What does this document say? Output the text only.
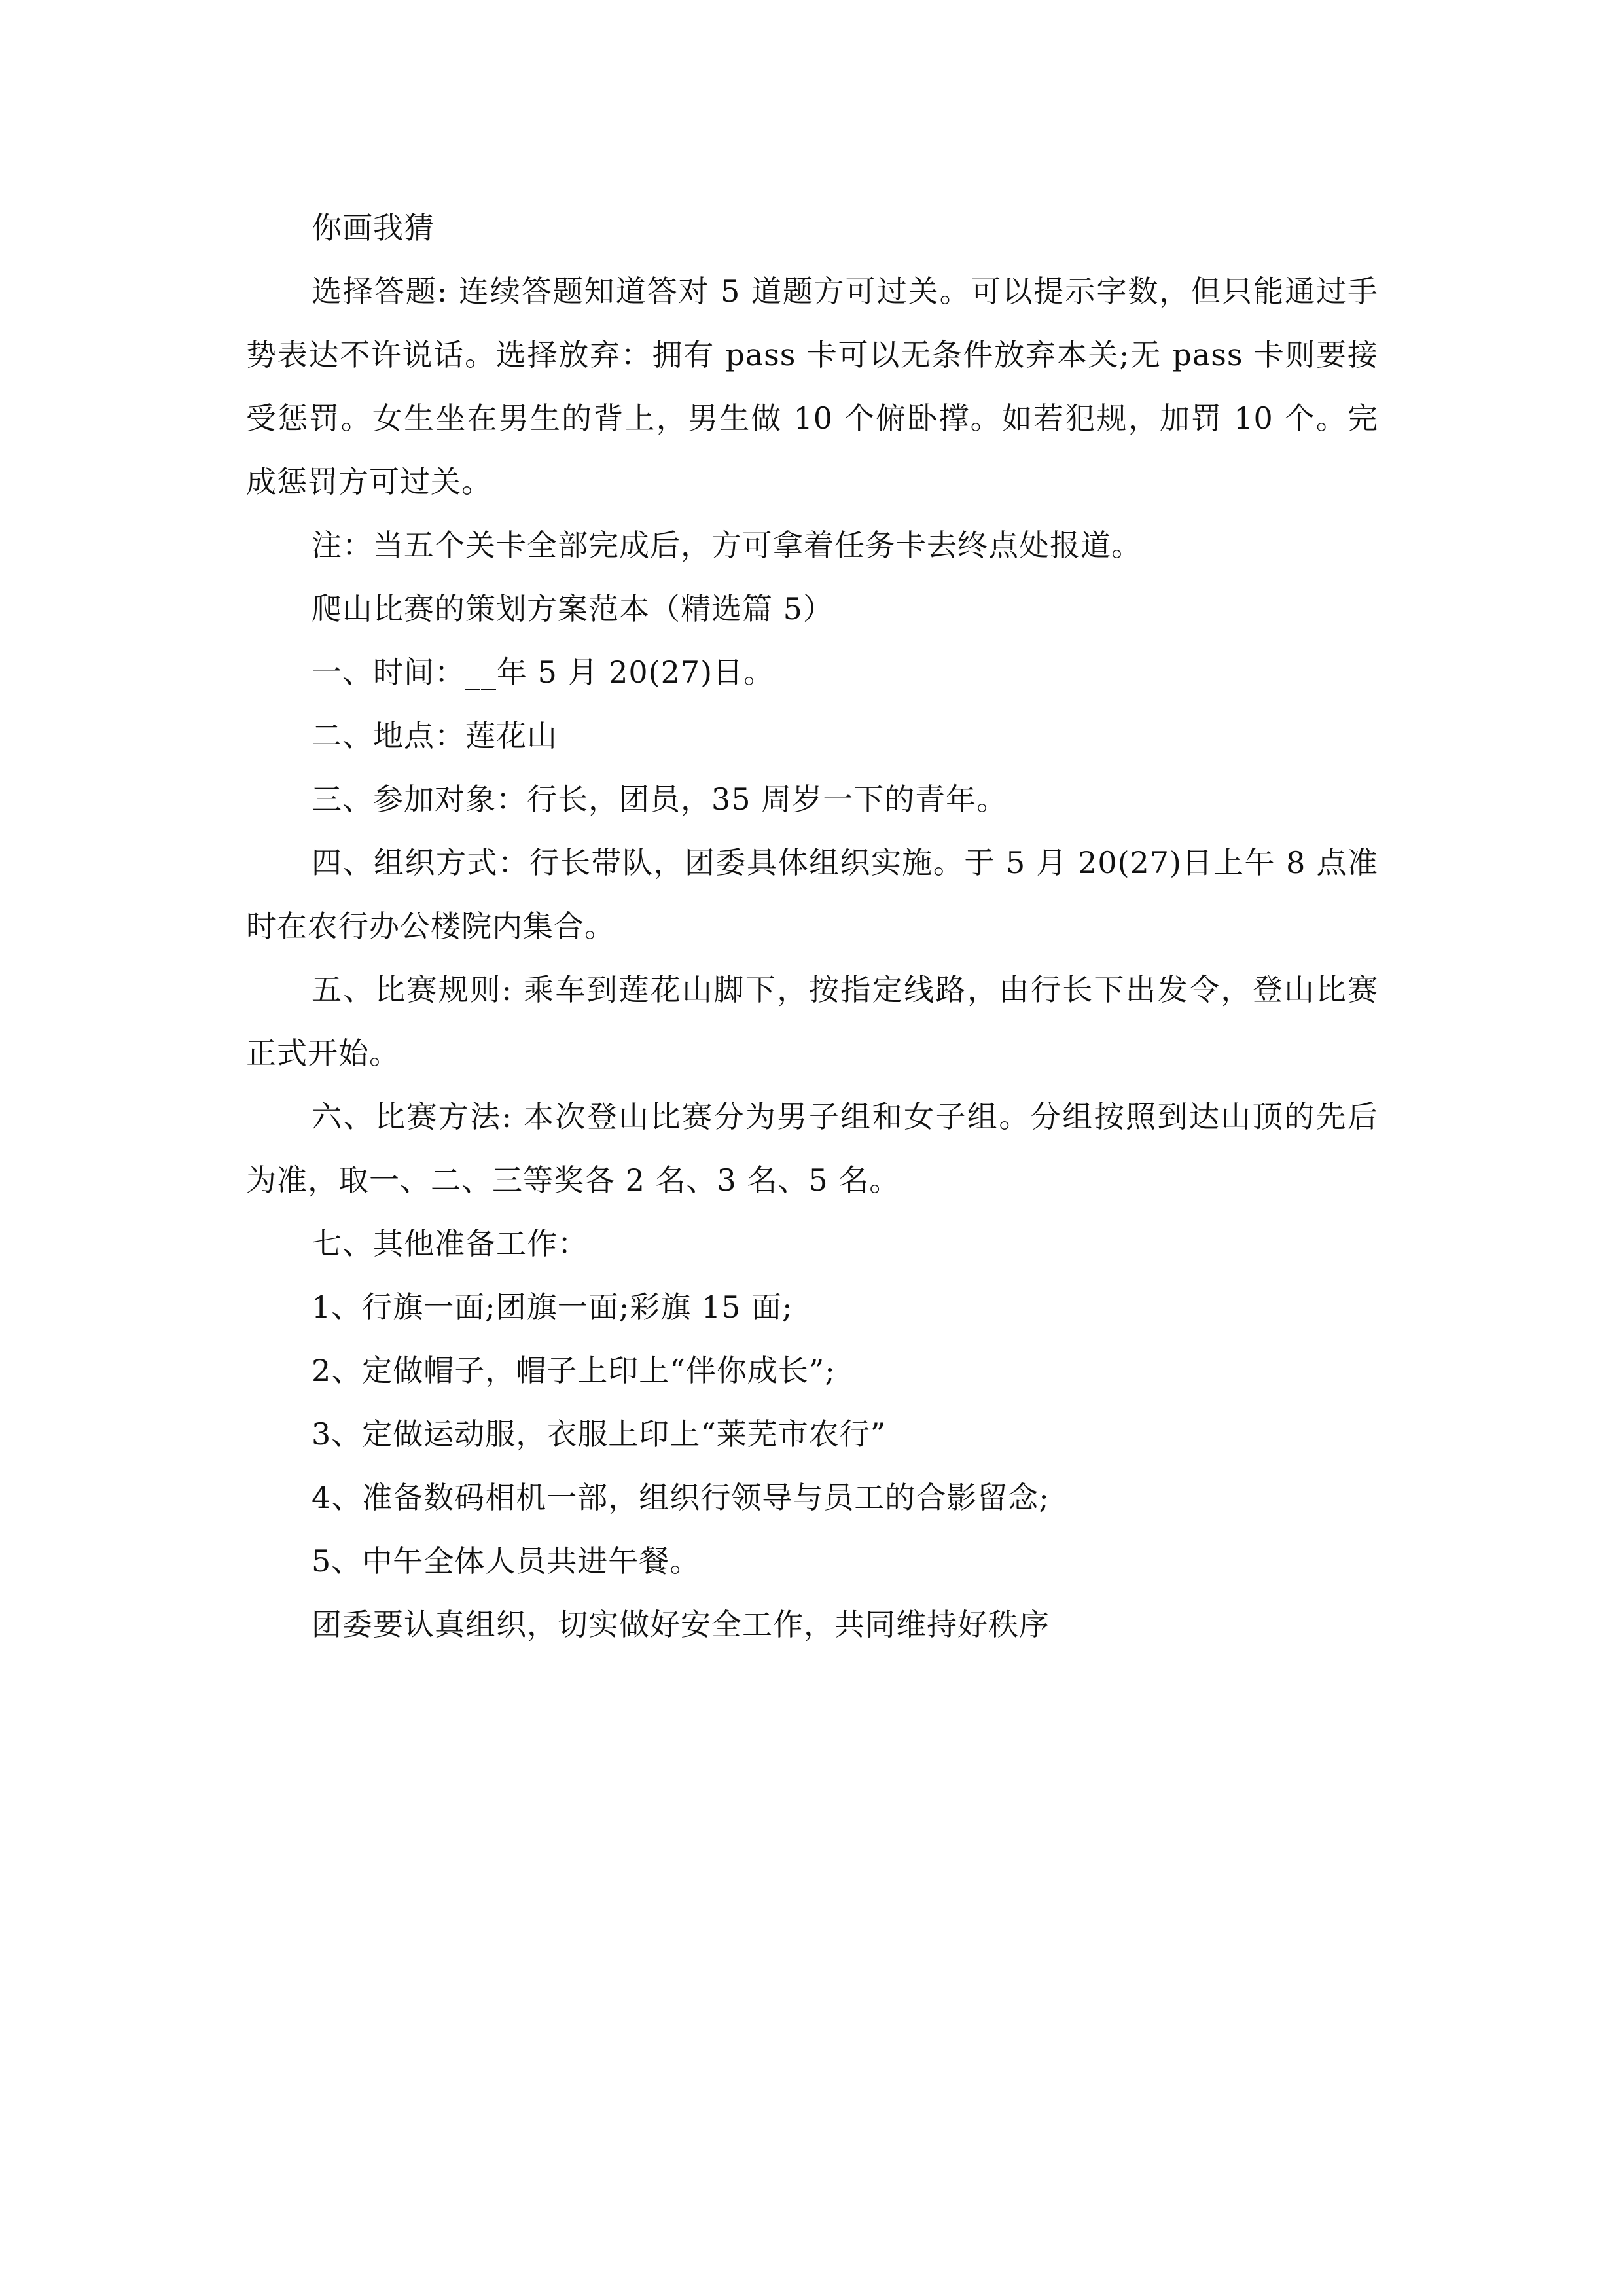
你画我猜

选择答题: 连续答题知道答对 5 道题方可过关。可以提示字数，但只能通过手势表达不许说话。选择放弃：拥有 pass 卡可以无条件放弃本关;无 pass 卡则要接受惩罚。女生坐在男生的背上，男生做 10 个俯卧撑。如若犯规，加罚 10 个。完成惩罚方可过关。

注：当五个关卡全部完成后，方可拿着任务卡去终点处报道。

爬山比赛的策划方案范本（精选篇 5）

一、时间：__年 5 月 20(27)日。

二、地点：莲花山

三、参加对象：行长，团员，35 周岁一下的青年。

四、组织方式：行长带队，团委具体组织实施。于 5 月 20(27)日上午 8 点准时在农行办公楼院内集合。

五、比赛规则: 乘车到莲花山脚下，按指定线路，由行长下出发令，登山比赛正式开始。

六、比赛方法: 本次登山比赛分为男子组和女子组。分组按照到达山顶的先后为准，取一、二、三等奖各 2 名、3 名、5 名。

七、其他准备工作：

1、行旗一面;团旗一面;彩旗 15 面;

2、定做帽子，帽子上印上“伴你成长”;

3、定做运动服，衣服上印上“莱芜市农行”

4、准备数码相机一部，组织行领导与员工的合影留念;

5、中午全体人员共进午餐。

团委要认真组织，切实做好安全工作，共同维持好秩序
